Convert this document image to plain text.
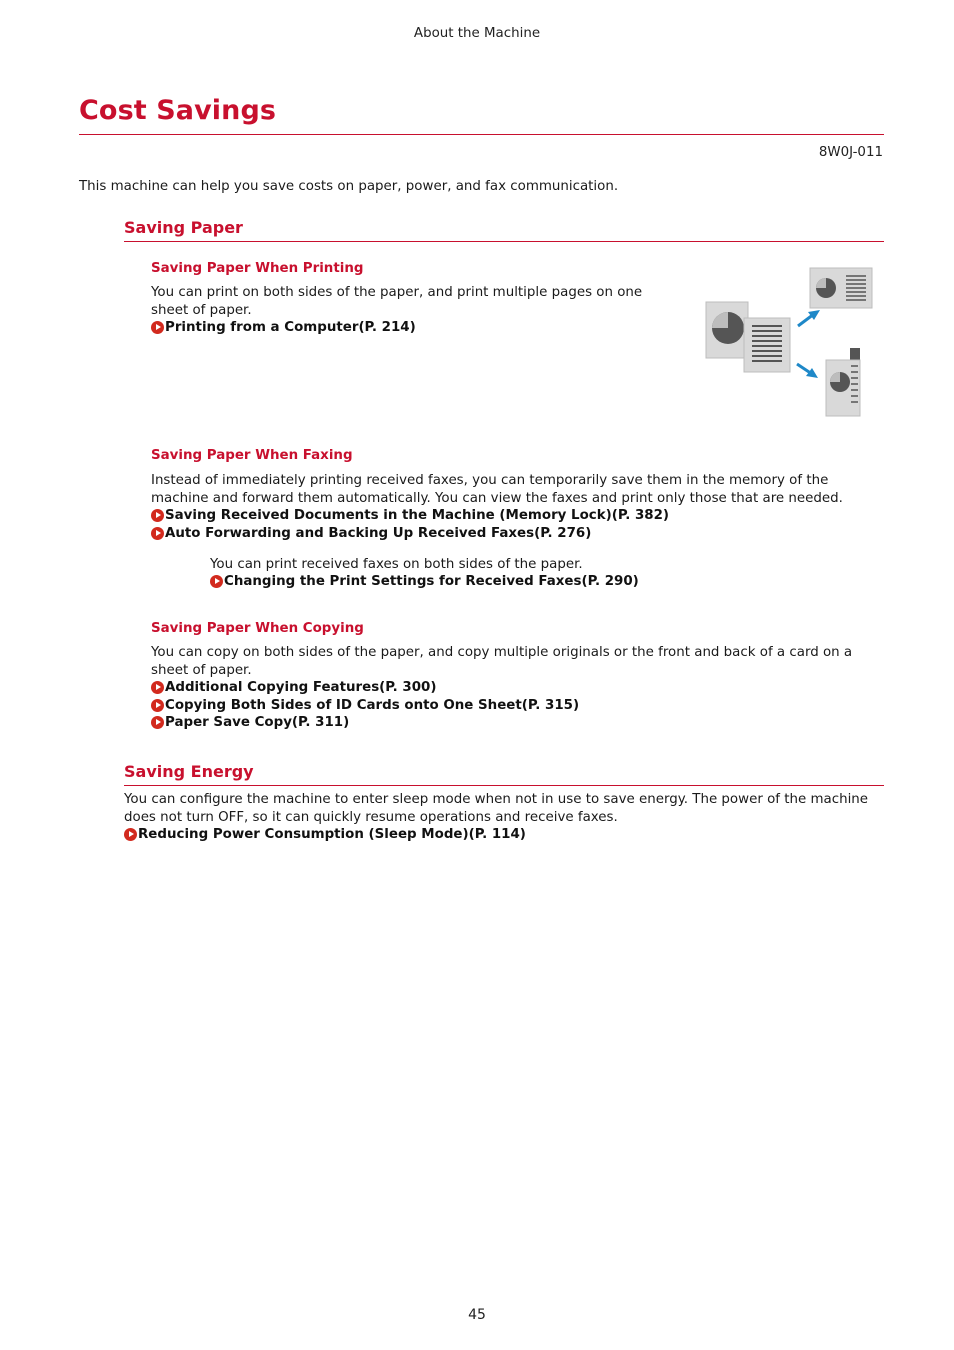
About the Machine
Cost Savings
8W0J-011
This machine can help you save costs on paper, power, and fax communication.
Saving Paper
Saving Paper When Printing
You can print on both sides of the paper, and print multiple pages on one
sheet of paper.
Printing from a Computer(P. 214)
Saving Paper When Faxing
Instead of immediately printing received faxes, you can temporarily save them in the memory of the
machine and forward them automatically. You can view the faxes and print only those that are needed.
Saving Received Documents in the Machine (Memory Lock)(P. 382)
Auto Forwarding and Backing Up Received Faxes(P. 276)
You can print received faxes on both sides of the paper.
Changing the Print Settings for Received Faxes(P. 290)
Saving Paper When Copying
You can copy on both sides of the paper, and copy multiple originals or the front and back of a card on a
sheet of paper.
Additional Copying Features(P. 300)
Copying Both Sides of ID Cards onto One Sheet(P. 315)
Paper Save Copy(P. 311)
Saving Energy
You can configure the machine to enter sleep mode when not in use to save energy. The power of the machine
does not turn OFF, so it can quickly resume operations and receive faxes.
Reducing Power Consumption (Sleep Mode)(P. 114)
45
